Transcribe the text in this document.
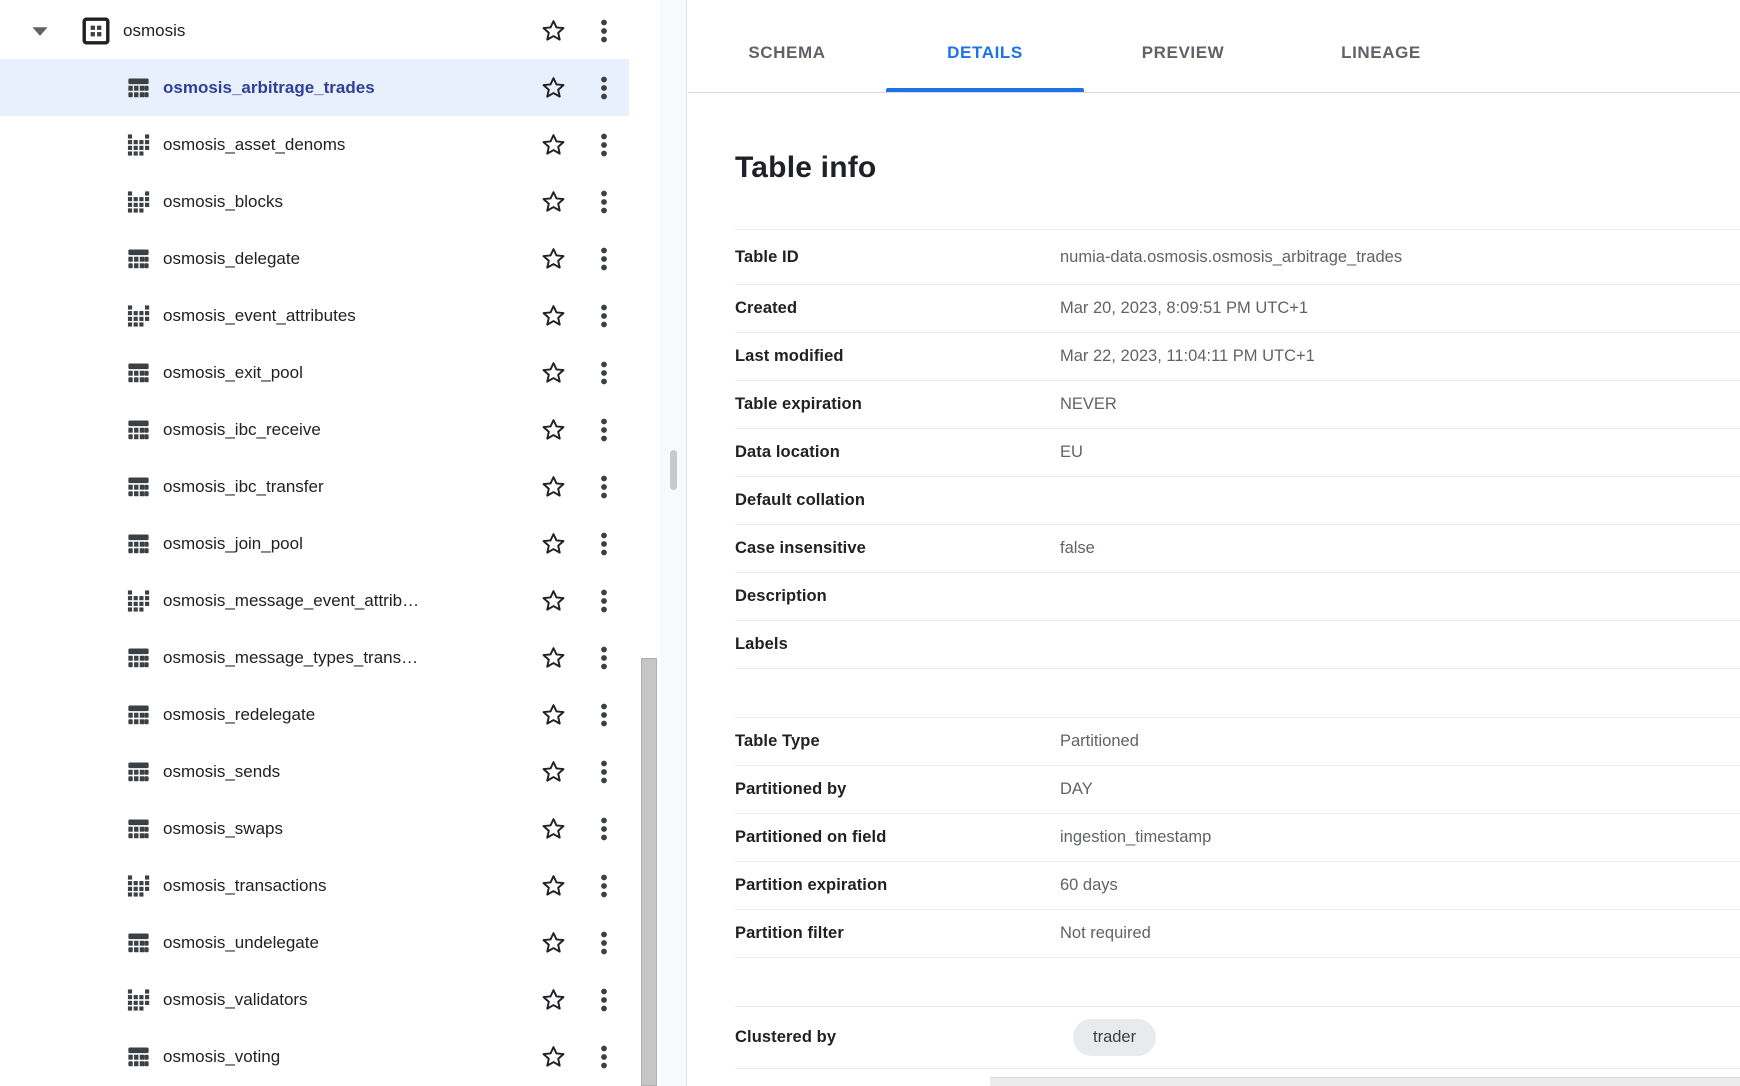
osmosis
osmosis_arbitrage_trades
osmosis_asset_denoms
osmosis_blocks
osmosis_delegate
osmosis_event_attributes
osmosis_exit_pool
osmosis_ibc_receive
osmosis_ibc_transfer
osmosis_join_pool
osmosis_message_event_attrib…
osmosis_message_types_trans…
osmosis_redelegate
osmosis_sends
osmosis_swaps
osmosis_transactions
osmosis_undelegate
osmosis_validators
osmosis_voting
SCHEMA	DETAILS	PREVIEW	LINEAGE
Table info
Table ID	numia-data.osmosis.osmosis_arbitrage_trades
Created	Mar 20, 2023, 8:09:51 PM UTC+1
Last modified	Mar 22, 2023, 11:04:11 PM UTC+1
Table expiration	NEVER
Data location	EU
Default collation
Case insensitive	false
Description
Labels
Table Type	Partitioned
Partitioned by	DAY
Partitioned on field	ingestion_timestamp
Partition expiration	60 days
Partition filter	Not required
Clustered by	trader
